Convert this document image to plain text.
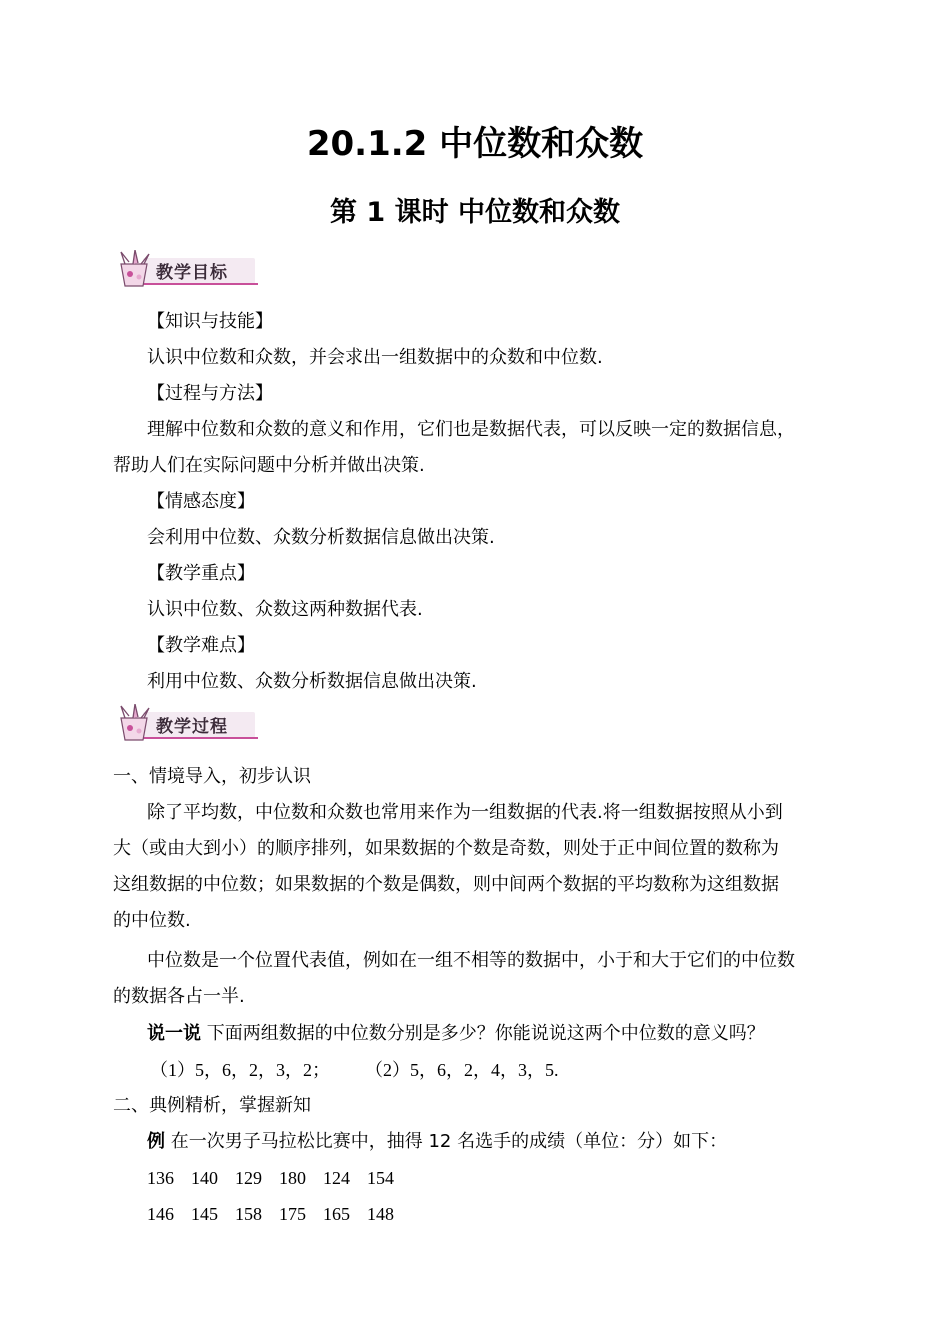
20.1.2 中位数和众数
第 1 课时 中位数和众数
教学目标
【知识与技能】
认识中位数和众数，并会求出一组数据中的众数和中位数.
【过程与方法】
理解中位数和众数的意义和作用，它们也是数据代表，可以反映一定的数据信息，
帮助人们在实际问题中分析并做出决策.
【情感态度】
会利用中位数、众数分析数据信息做出决策.
【教学重点】
认识中位数、众数这两种数据代表.
【教学难点】
利用中位数、众数分析数据信息做出决策.
教学过程
一、情境导入，初步认识
除了平均数，中位数和众数也常用来作为一组数据的代表.将一组数据按照从小到
大（或由大到小）的顺序排列，如果数据的个数是奇数，则处于正中间位置的数称为
这组数据的中位数；如果数据的个数是偶数，则中间两个数据的平均数称为这组数据
的中位数.
中位数是一个位置代表值，例如在一组不相等的数据中，小于和大于它们的中位数
的数据各占一半.
说一说 下面两组数据的中位数分别是多少？你能说说这两个中位数的意义吗？
（1）5，6，2，3，2； （2）5，6，2，4，3，5.
二、典例精析，掌握新知
例 在一次男子马拉松比赛中，抽得 12 名选手的成绩（单位：分）如下：
136  140  129  180  124  154
146  145  158  175  165  148
